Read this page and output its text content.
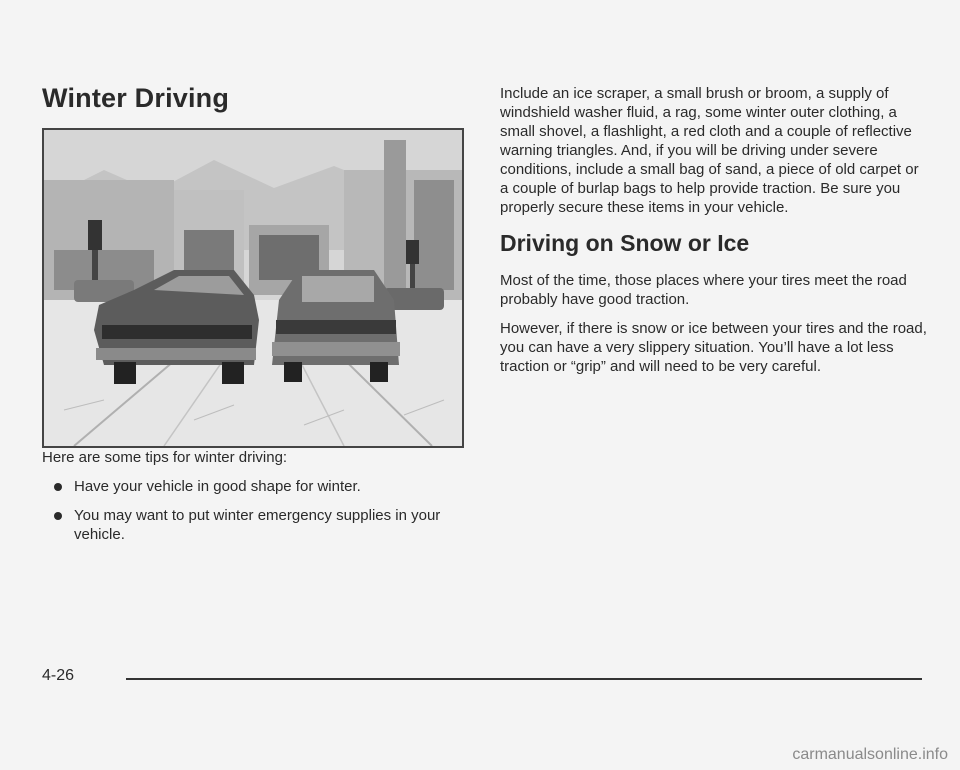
Winter Driving

Here are some tips for winter driving:

Have your vehicle in good shape for winter.
You may want to put winter emergency supplies in your vehicle.

Include an ice scraper, a small brush or broom, a supply of windshield washer fluid, a rag, some winter outer clothing, a small shovel, a flashlight, a red cloth and a couple of reflective warning triangles. And, if you will be driving under severe conditions, include a small bag of sand, a piece of old carpet or a couple of burlap bags to help provide traction. Be sure you properly secure these items in your vehicle.

Driving on Snow or Ice

Most of the time, those places where your tires meet the road probably have good traction.

However, if there is snow or ice between your tires and the road, you can have a very slippery situation. You’ll have a lot less traction or “grip” and will need to be very careful.

4-26
carmanualsonline.info
